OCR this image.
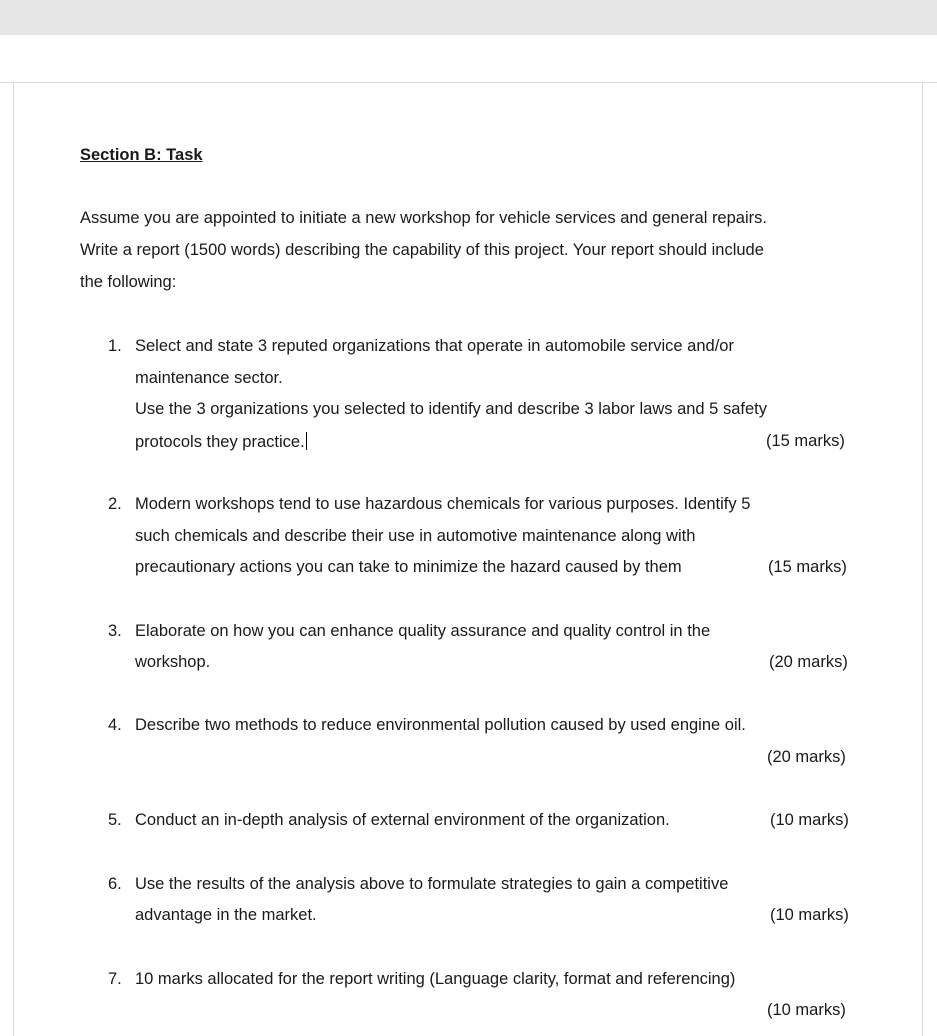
Section B: Task
Assume you are appointed to initiate a new workshop for vehicle services and general repairs.
Write a report (1500 words) describing the capability of this project. Your report should include
the following:
1. Select and state 3 reputed organizations that operate in automobile service and/or
maintenance sector.
Use the 3 organizations you selected to identify and describe 3 labor laws and 5 safety
protocols they practice.	(15 marks)
2. Modern workshops tend to use hazardous chemicals for various purposes. Identify 5
such chemicals and describe their use in automotive maintenance along with
precautionary actions you can take to minimize the hazard caused by them	(15 marks)
3. Elaborate on how you can enhance quality assurance and quality control in the
workshop.	(20 marks)
4. Describe two methods to reduce environmental pollution caused by used engine oil.
(20 marks)
5. Conduct an in-depth analysis of external environment of the organization.	(10 marks)
6. Use the results of the analysis above to formulate strategies to gain a competitive
advantage in the market.	(10 marks)
7. 10 marks allocated for the report writing (Language clarity, format and referencing)
(10 marks)
